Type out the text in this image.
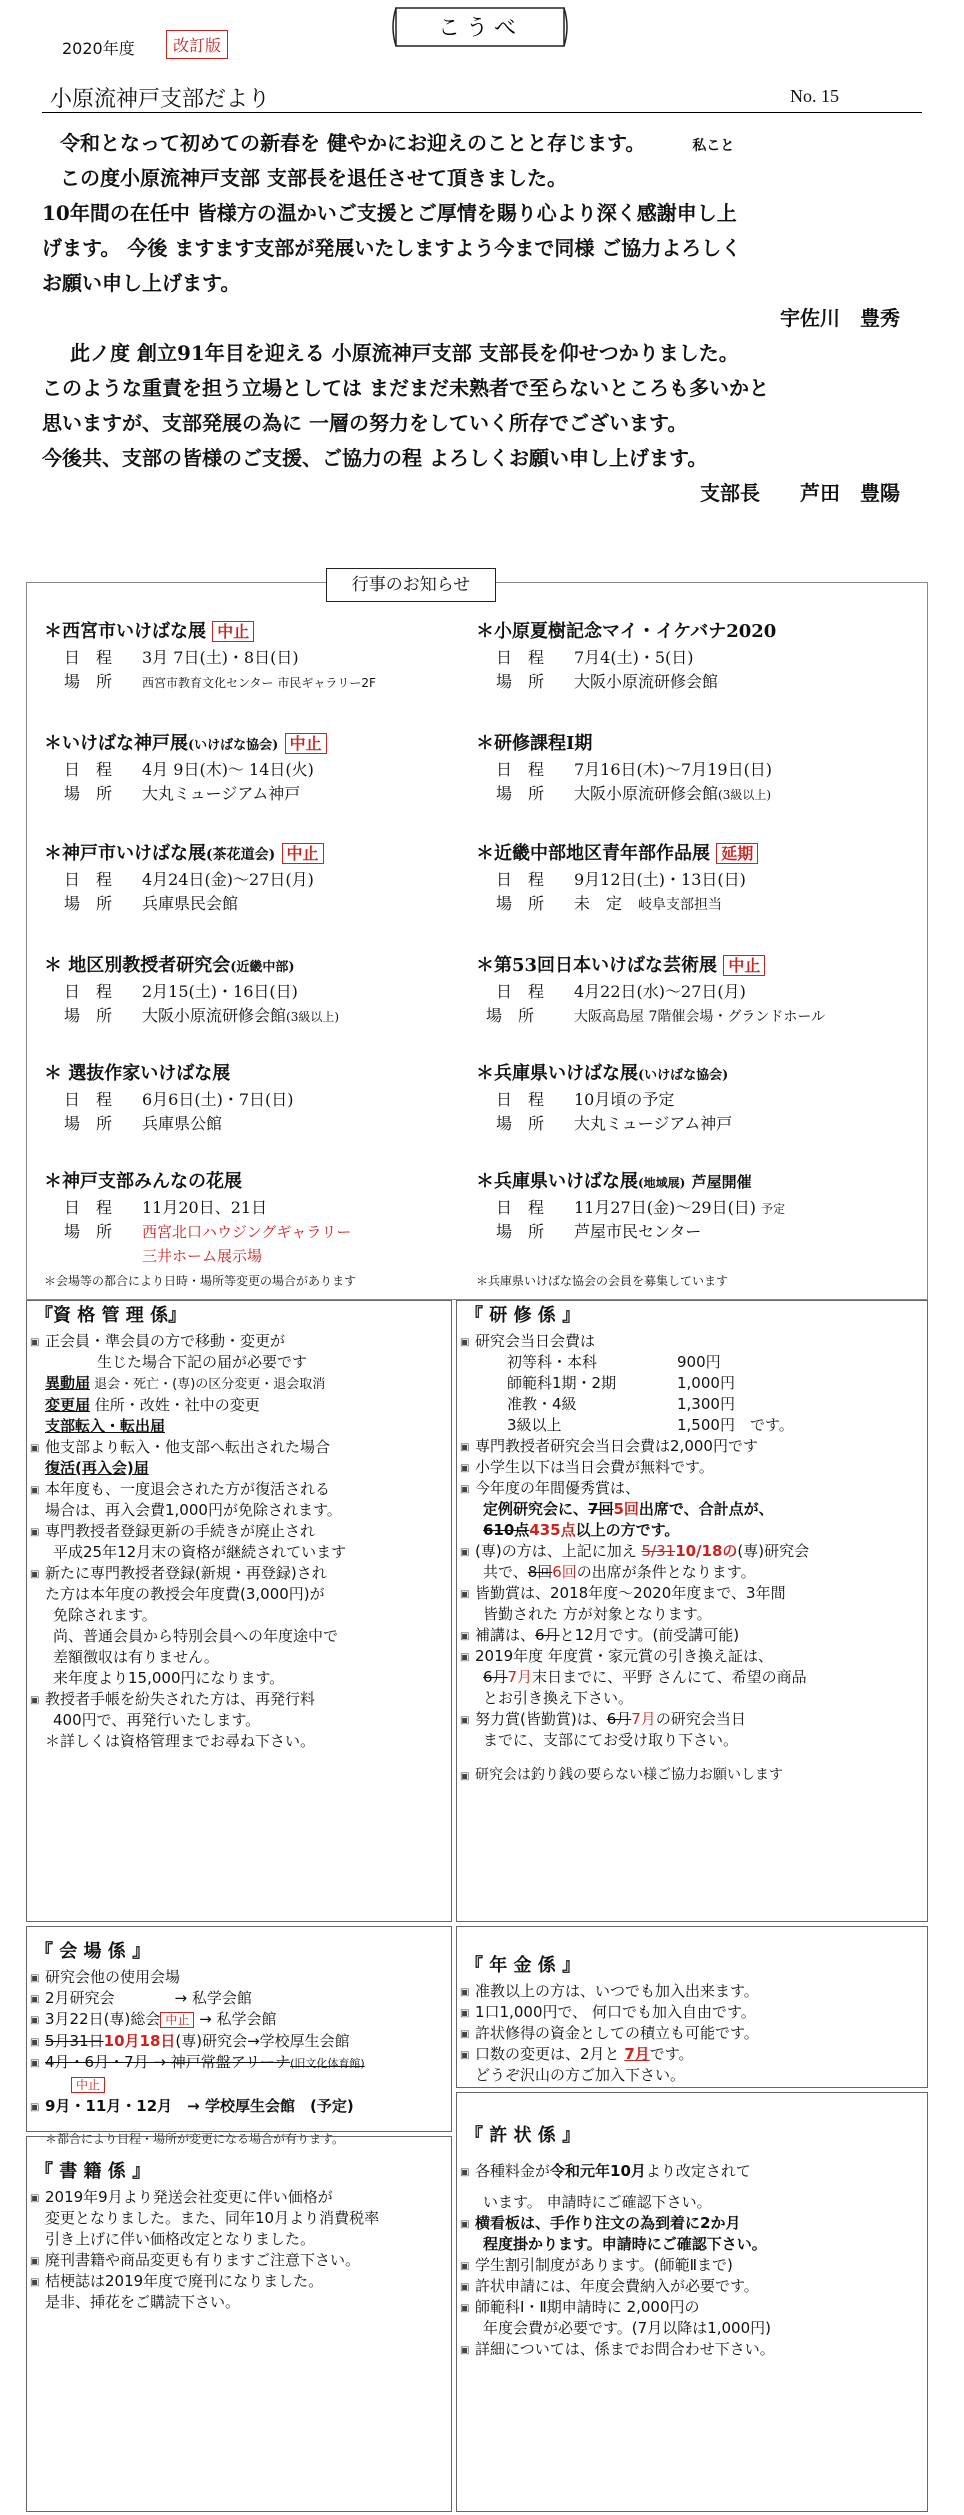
こうべ
2020年度	改訂版
小原流神戸支部だより	No. 15
令和となって初めての新春を 健やかにお迎えのことと存じます。	私こと
この度小原流神戸支部 支部長を退任させて頂きました。
10年間の在任中 皆様方の温かいご支援とご厚情を賜り心より深く感謝申し上
げます。 今後 ますます支部が発展いたしますよう今まで同様 ご協力よろしく
お願い申し上げます。
宇佐川　豊秀
此ノ度 創立91年目を迎える 小原流神戸支部 支部長を仰せつかりました。
このような重責を担う立場としては まだまだ未熟者で至らないところも多いかと
思いますが、支部発展の為に 一層の努力をしていく所存でございます。
今後共、支部の皆様のご支援、ご協力の程 よろしくお願い申し上げます。
支部長　　芦田　豊陽
行事のお知らせ
＊西宮市いけばな展 中止
日　程 3月 7日(土)・8日(日)
場　所 西宮市教育文化センター 市民ギャラリー2F
＊いけばな神戸展(いけばな協会) 中止
日　程 4月 9日(木)～ 14日(火)
場　所 大丸ミュージアム神戸
＊神戸市いけばな展(茶花道会) 中止
日　程 4月24日(金)～27日(月)
場　所 兵庫県民会館
＊ 地区別教授者研究会(近畿中部)
日　程 2月15(土)・16日(日)
場　所 大阪小原流研修会館(3級以上)
＊ 選抜作家いけばな展
日　程 6月6日(土)・7日(日)
場　所 兵庫県公館
＊神戸支部みんなの花展
日　程 11月20日、21日
場　所 西宮北口ハウジングギャラリー
三井ホーム展示場
＊小原夏樹記念マイ・イケバナ2020
日　程 7月4(土)・5(日)
場　所 大阪小原流研修会館
＊研修課程Ⅰ期
日　程 7月16日(木)～7月19日(日)
場　所 大阪小原流研修会館(3級以上)
＊近畿中部地区青年部作品展 延期
日　程 9月12日(土)・13日(日)
場　所 未　定　 岐阜支部担当
＊第53回日本いけばな芸術展 中止
日　程 4月22日(水)～27日(月)
場　所	大阪高島屋 7階催会場・グランドホール
＊兵庫県いけばな展(いけばな協会)
日　程 10月頃の予定
場　所 大丸ミュージアム神戸
＊兵庫県いけばな展(地域展) 芦屋開催
日　程 11月27日(金)～29日(日) 予定
場　所 芦屋市民センター
＊会場等の都合により日時・場所等変更の場合があります	＊兵庫県いけばな協会の会員を募集しています
『資 格 管 理 係』
▣ 正会員・準会員の方で移動・変更が
生じた場合下記の届が必要です
異動届 退会・死亡・(専)の区分変更・退会取消
変更届 住所・改姓・社中の変更
支部転入・転出届
▣ 他支部より転入・他支部へ転出された場合
復活(再入会)届
▣ 本年度も、一度退会された方が復活される
場合は、再入会費1,000円が免除されます。
▣ 専門教授者登録更新の手続きが廃止され
平成25年12月末の資格が継続されています
▣ 新たに専門教授者登録(新規・再登録)され
た方は本年度の教授会年度費(3,000円)が
免除されます。
尚、普通会員から特別会員への年度途中で
差額徴収は有りません。
来年度より15,000円になります。
▣ 教授者手帳を紛失された方は、再発行料
400円で、再発行いたします。
＊詳しくは資格管理までお尋ね下さい。
『 研 修 係 』
▣ 研究会当日会費は
初等科・本科	900円
師範科1期・2期	1,000円
准教・4級	1,300円
3級以上	1,500円　です。
▣ 専門教授者研究会当日会費は2,000円です
▣ 小学生以下は当日会費が無料です。
▣ 今年度の年間優秀賞は、
定例研究会に、7回5回出席で、合計点が、
610点435点以上の方です。
▣ (専)の方は、上記に加え 5/3110/18の(専)研究会
共で、8回6回の出席が条件となります。
▣ 皆勤賞は、2018年度～2020年度まで、3年間
皆勤された 方が対象となります。
▣ 補講は、6月と12月です。(前受講可能)
▣ 2019年度 年度賞・家元賞の引き換え証は、
6月7月末日までに、平野 さんにて、希望の商品
とお引き換え下さい。
▣ 努力賞(皆勤賞)は、6月7月の研究会当日
までに、支部にてお受け取り下さい。
▣ 研究会は釣り銭の要らない様ご協力お願いします
『 会 場 係 』
▣ 研究会他の使用会場
▣ 2月研究会　　　　→ 私学会館
▣ 3月22日(専)総会 中止 → 私学会館
▣ 5月31日10月18日(専)研究会→学校厚生会館
▣ 4月・6月・7月 → 神戸常盤アリーナ(旧文化体育館)
中止
▣ 9月・11月・12月　→ 学校厚生会館　(予定)
＊都合により日程・場所が変更になる場合が有ります。
『 年 金 係 』
▣ 准教以上の方は、いつでも加入出来ます。
▣ 1口1,000円で、 何口でも加入自由です。
▣ 許状修得の資金としての積立も可能です。
▣ 口数の変更は、2月と 7月です。
どうぞ沢山の方ご加入下さい。
『 書 籍 係 』
▣ 2019年9月より発送会社変更に伴い価格が
変更となりました。また、同年10月より消費税率
引き上げに伴い価格改定となりました。
▣ 廃刊書籍や商品変更も有りますご注意下さい。
▣ 桔梗誌は2019年度で廃刊になりました。
是非、挿花をご購読下さい。
『 許 状 係 』
▣ 各種料金が令和元年10月より改定されて
います。 申請時にご確認下さい。
▣ 横看板は、手作り注文の為到着に2か月
程度掛かります。申請時にご確認下さい。
▣ 学生割引制度があります。(師範Ⅱまで)
▣ 許状申請には、年度会費納入が必要です。
▣ 師範科Ⅰ・Ⅱ期申請時に 2,000円の
年度会費が必要です。(7月以降は1,000円)
▣ 詳細については、係までお問合わせ下さい。
